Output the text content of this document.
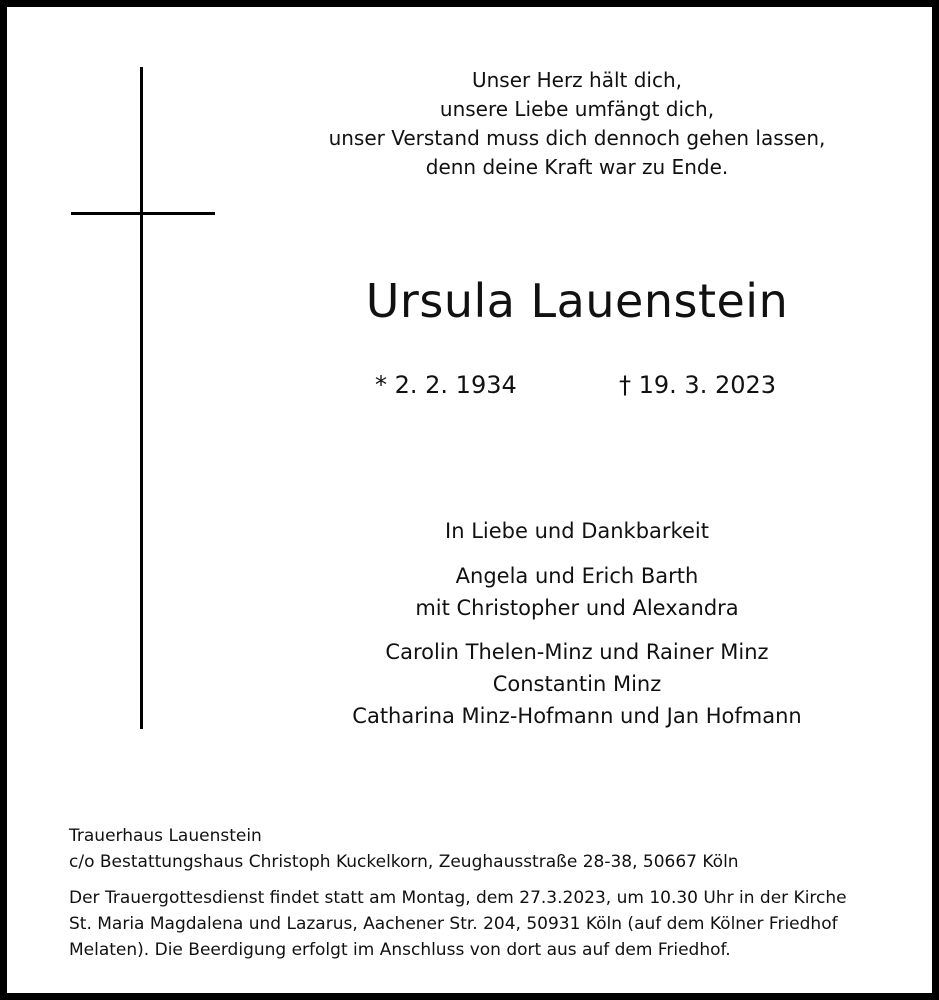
Unser Herz hält dich,
unsere Liebe umfängt dich,
unser Verstand muss dich dennoch gehen lassen,
denn deine Kraft war zu Ende.
Ursula Lauenstein
* 2. 2. 1934	† 19. 3. 2023
In Liebe und Dankbarkeit
Angela und Erich Barth
mit Christopher und Alexandra
Carolin Thelen-Minz und Rainer Minz
Constantin Minz
Catharina Minz-Hofmann und Jan Hofmann
Trauerhaus Lauenstein
c/o Bestattungshaus Christoph Kuckelkorn, Zeughausstraße 28-38, 50667 Köln
Der Trauergottesdienst findet statt am Montag, dem 27.3.2023, um 10.30 Uhr in der Kirche
St. Maria Magdalena und Lazarus, Aachener Str. 204, 50931 Köln (auf dem Kölner Friedhof
Melaten). Die Beerdigung erfolgt im Anschluss von dort aus auf dem Friedhof.
